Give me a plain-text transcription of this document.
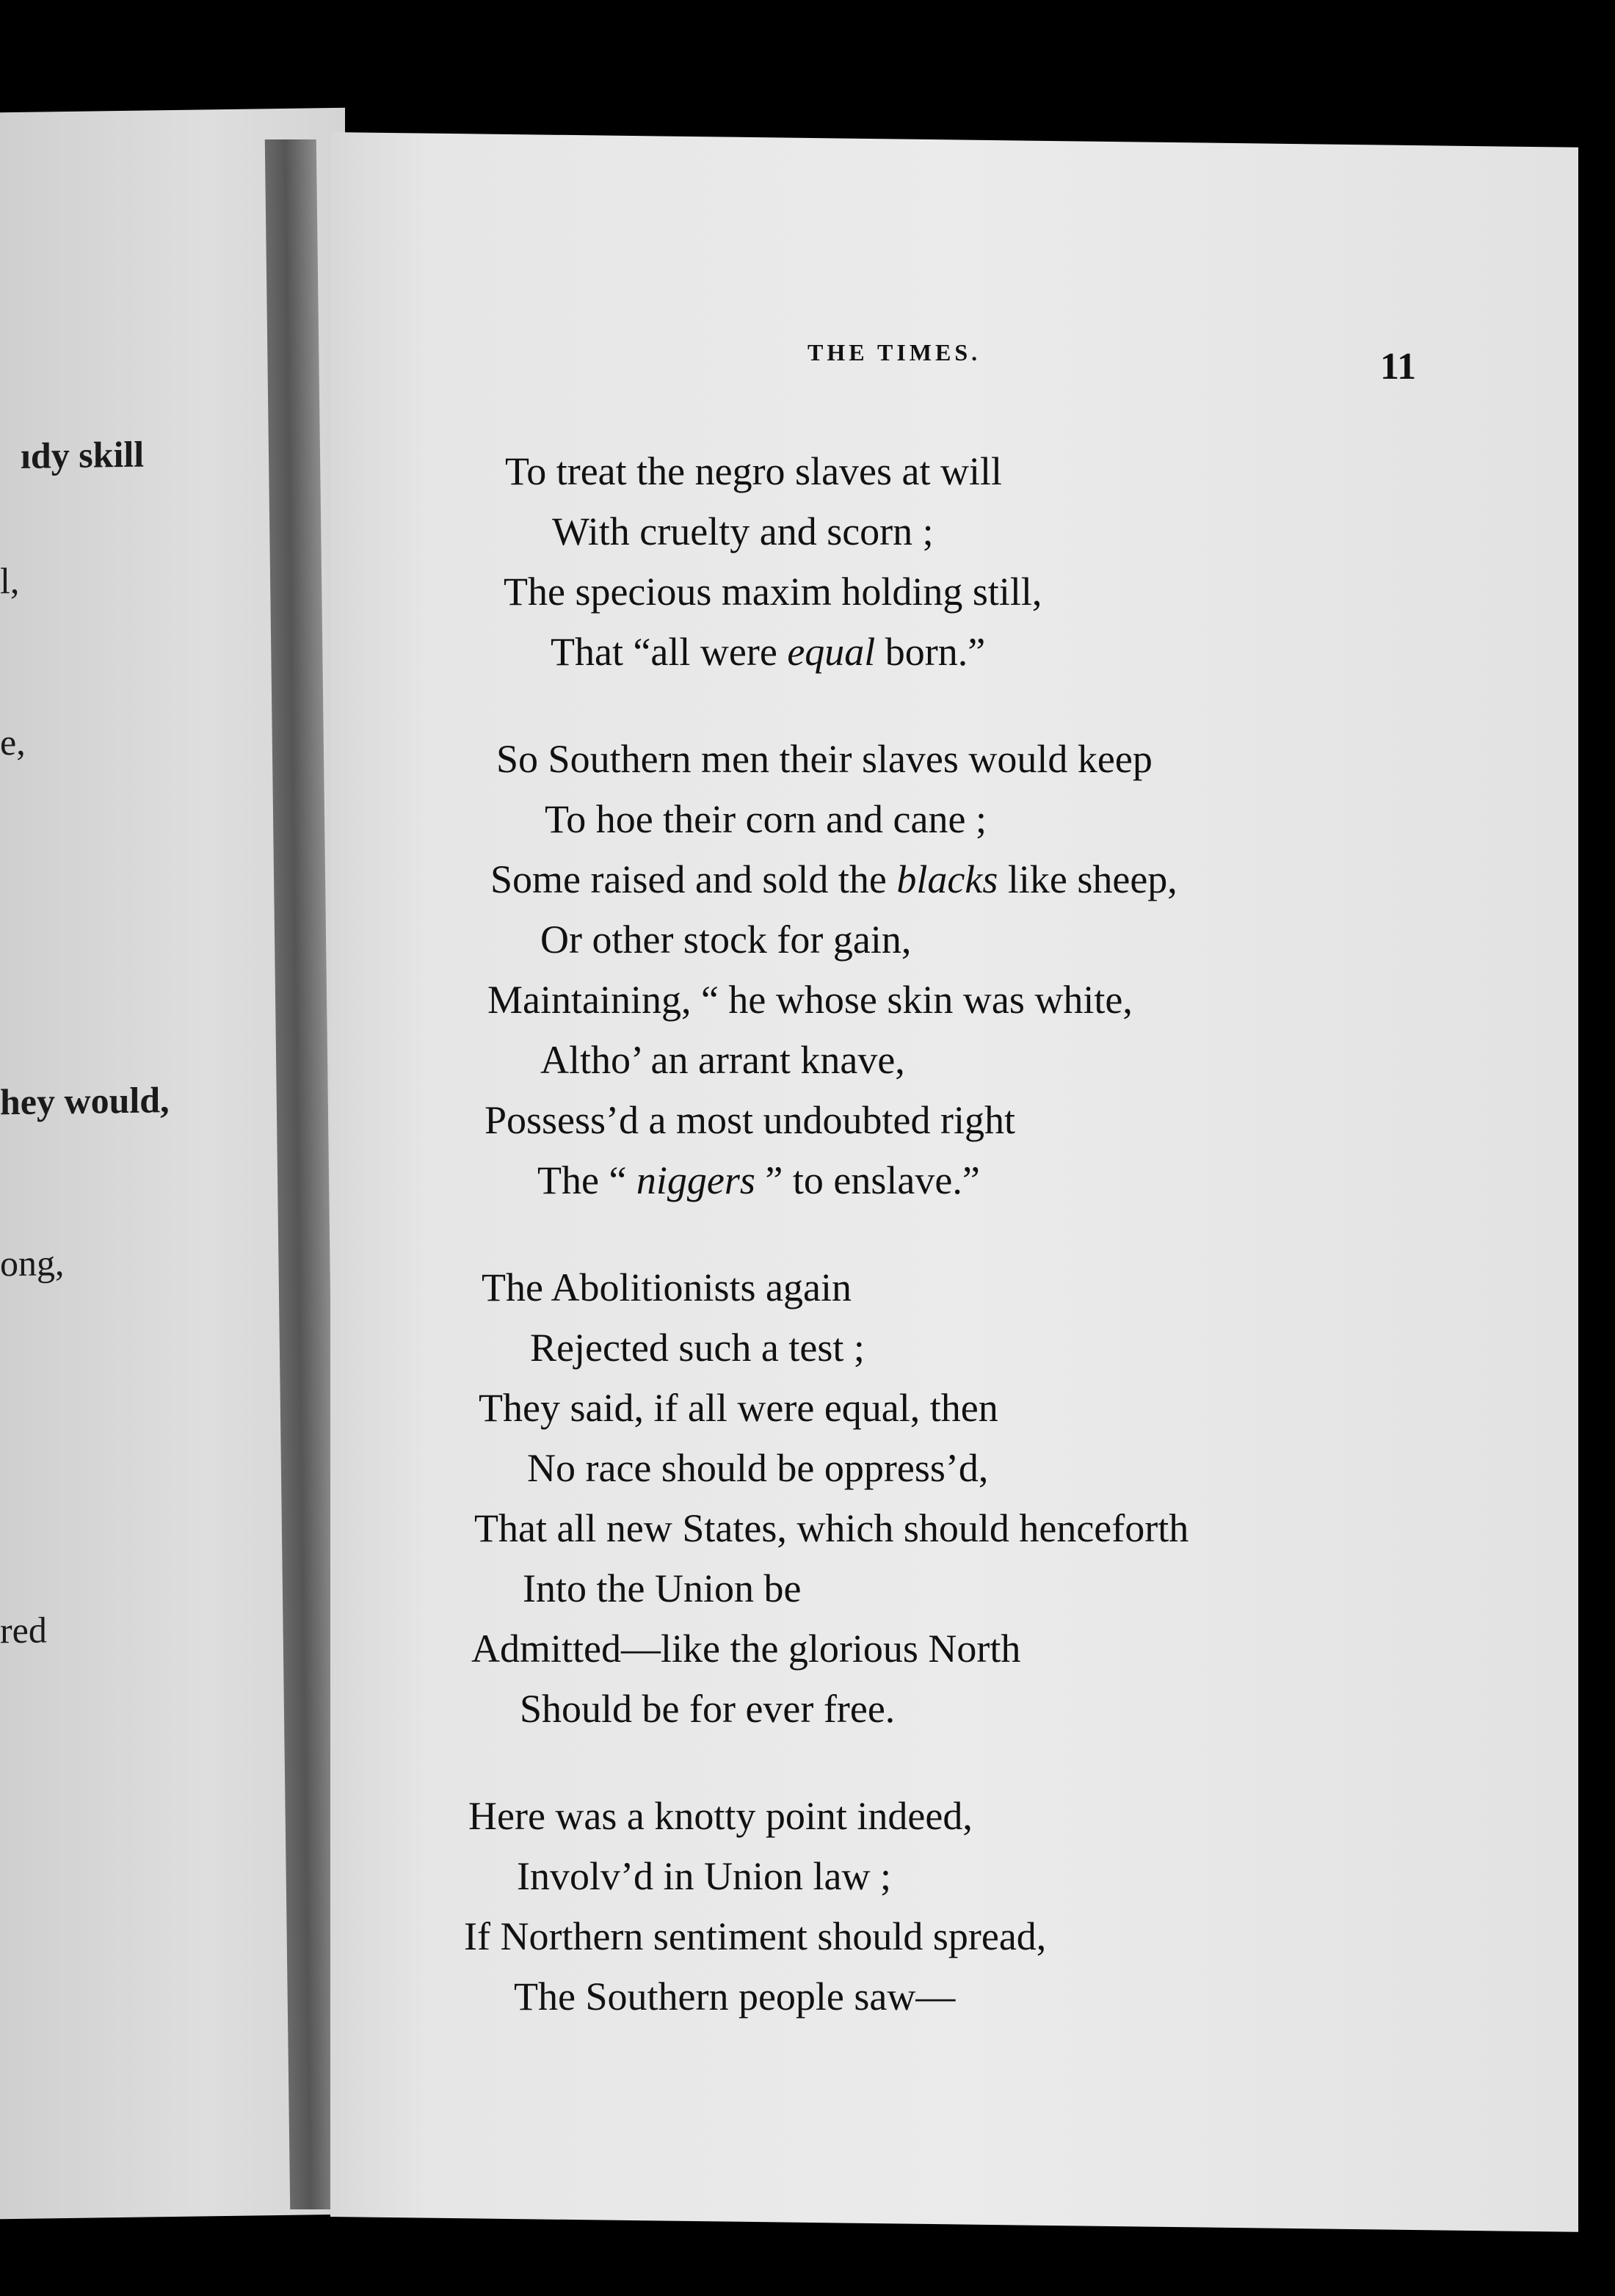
ıdy skill
l,
e,
hey would,
ong,
red
THE TIMES.	11
To treat the negro slaves at will
With cruelty and scorn ;
The specious maxim holding still,
That “all were equal born.”
So Southern men their slaves would keep
To hoe their corn and cane ;
Some raised and sold the blacks like sheep,
Or other stock for gain,
Maintaining, “ he whose skin was white,
Altho’ an arrant knave,
Possess’d a most undoubted right
The “ niggers ” to enslave.”
The Abolitionists again
Rejected such a test ;
They said, if all were equal, then
No race should be oppress’d,
That all new States, which should henceforth
Into the Union be
Admitted—like the glorious North
Should be for ever free.
Here was a knotty point indeed,
Involv’d in Union law ;
If Northern sentiment should spread,
The Southern people saw—
